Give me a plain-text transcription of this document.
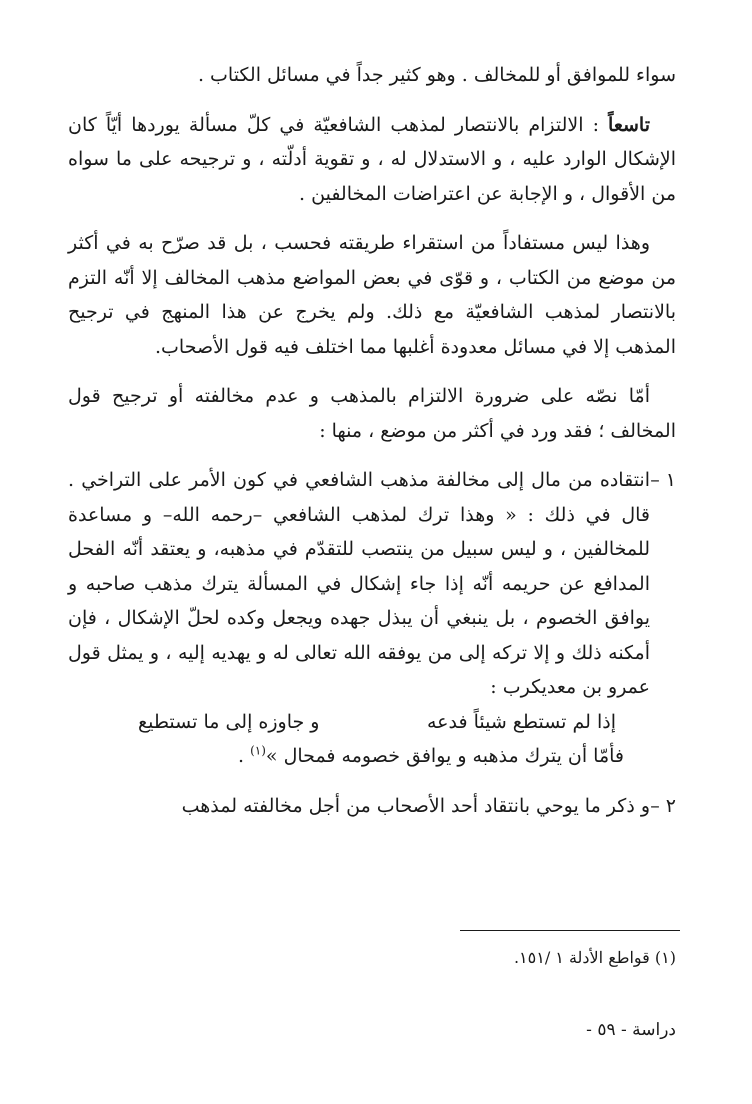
سواء للموافق أو للمخالف . وهو كثير جداً في مسائل الكتاب .

تاسعاً : الالتزام بالانتصار لمذهب الشافعيّة في كلّ مسألة يوردها أيّاً كان الإشكال الوارد عليه ، و الاستدلال له ، و تقوية أدلّته ، و ترجيحه على ما سواه من الأقوال ، و الإجابة عن اعتراضات المخالفين .

وهذا ليس مستفاداً من استقراء طريقته فحسب ، بل قد صرّح به في أكثر من موضع من الكتاب ، و قوّى في بعض المواضع مذهب المخالف إلا أنّه التزم بالانتصار لمذهب الشافعيّة مع ذلك. ولم يخرج عن هذا المنهج في ترجيح المذهب إلا في مسائل معدودة أغلبها مما اختلف فيه قول الأصحاب.

أمّا نصّه على ضرورة الالتزام بالمذهب و عدم مخالفته أو ترجيح قول المخالف ؛ فقد ورد في أكثر من موضع ، منها :

١ –انتقاده من مال إلى مخالفة مذهب الشافعي في كون الأمر على التراخي . قال في ذلك : « وهذا ترك لمذهب الشافعي –رحمه الله– و مساعدة للمخالفين ، و ليس سبيل من ينتصب للتقدّم في مذهبه، و يعتقد أنّه الفحل المدافع عن حريمه أنّه إذا جاء إشكال في المسألة يترك مذهب صاحبه و يوافق الخصوم ، بل ينبغي أن يبذل جهده ويجعل وكده لحلّ الإشكال ، فإن أمكنه ذلك و إلا تركه إلى من يوفقه الله تعالى له و يهديه إليه ، و يمثل قول عمرو بن معديكرب :
إذا لم تستطع شيئاً فدعه
و جاوزه إلى ما تستطيع
فأمّا أن يترك مذهبه و يوافق خصومه فمحال »$^{(١)}$ .
٢ –و ذكر ما يوحي بانتقاد أحد الأصحاب من أجل مخالفته لمذهب
(١) قواطع الأدلة ١ /١٥١.
دراسة - ٥٩ -
